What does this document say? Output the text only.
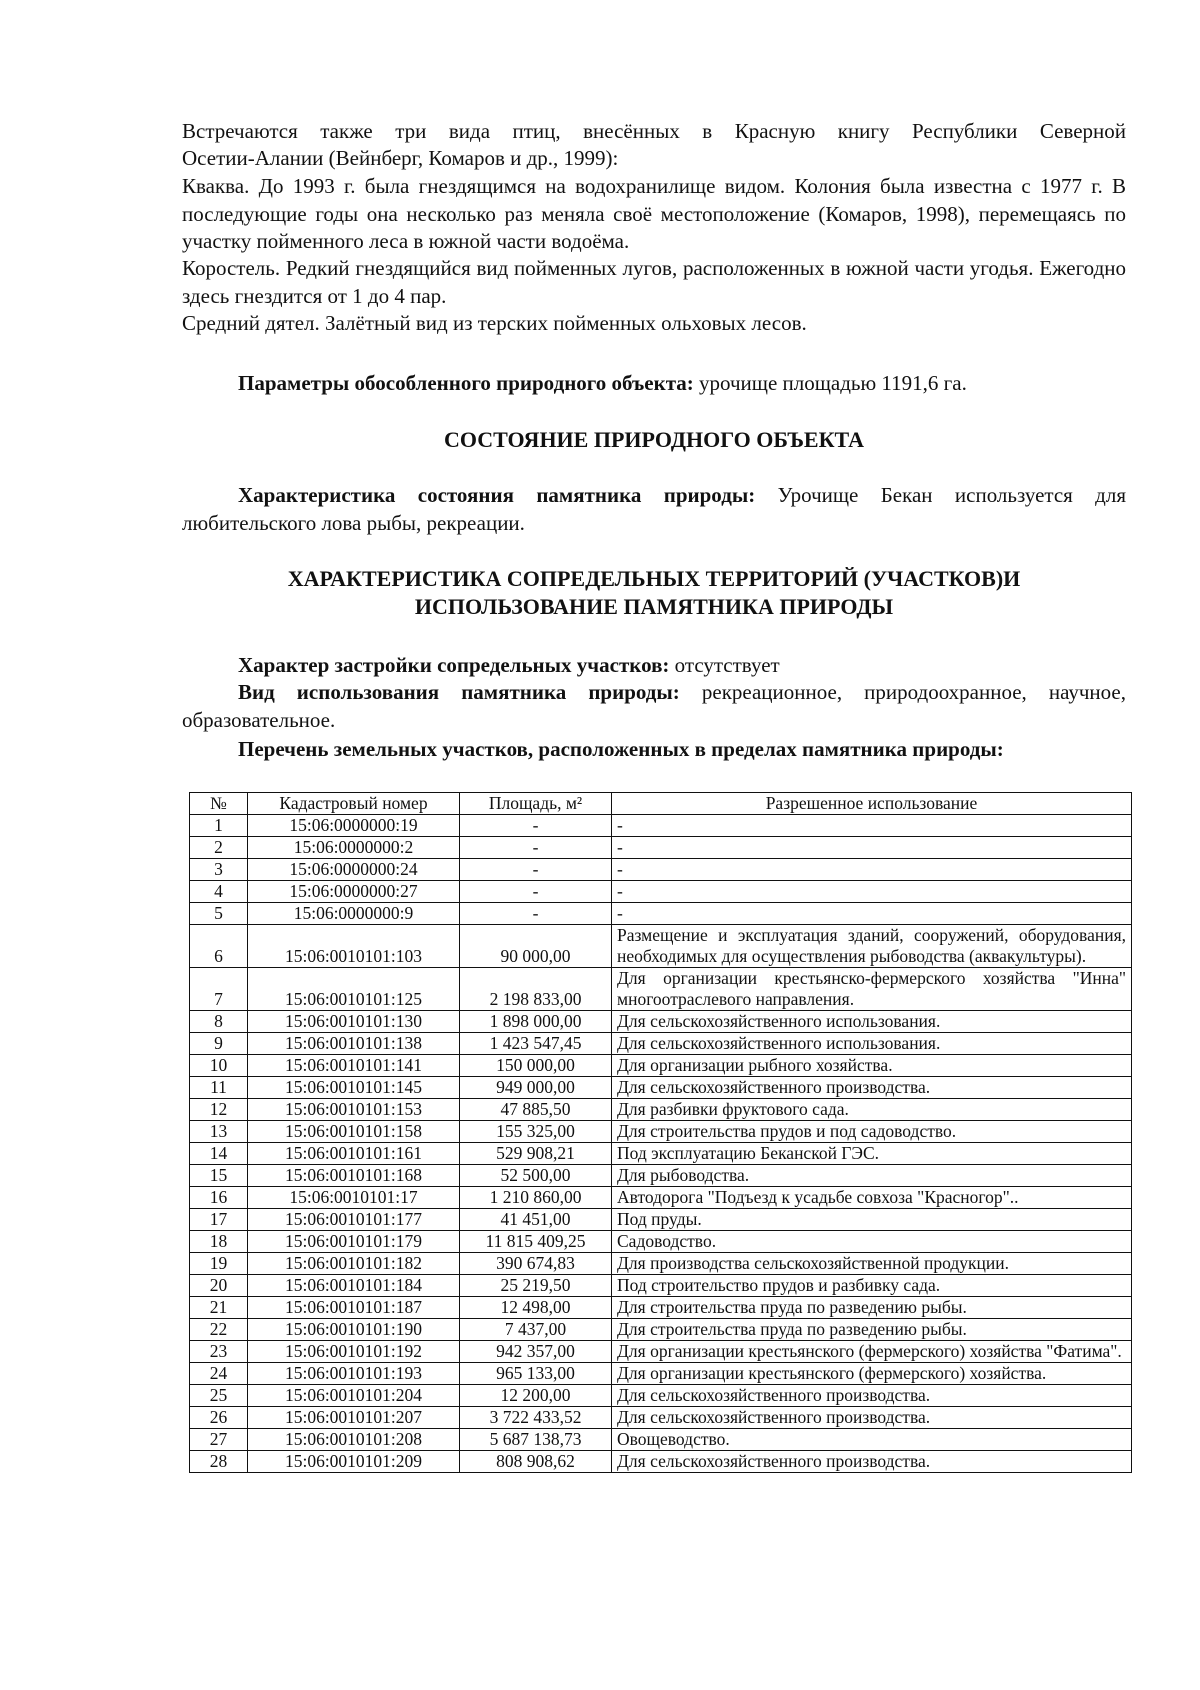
Встречаются также три вида птиц, внесённых в Красную книгу Республики Северной

Осетии-Алании (Вейнберг, Комаров и др., 1999):

Кваква. До 1993 г. была гнездящимся на водохранилище видом. Колония была известна с 1977 г. В последующие годы она несколько раз меняла своё местоположение (Комаров, 1998), перемещаясь по участку пойменного леса в южной части водоёма.

Коростель. Редкий гнездящийся вид пойменных лугов, расположенных в южной части угодья. Ежегодно здесь гнездится от 1 до 4 пар.

Средний дятел. Залётный вид из терских пойменных ольховых лесов.

Параметры обособленного природного объекта: урочище площадью 1191,6 га.

СОСТОЯНИЕ ПРИРОДНОГО ОБЪЕКТА

Характеристика состояния памятника природы: Урочище Бекан используется для любительского лова рыбы, рекреации.

ХАРАКТЕРИСТИКА СОПРЕДЕЛЬНЫХ ТЕРРИТОРИЙ (УЧАСТКОВ)И
ИСПОЛЬЗОВАНИЕ ПАМЯТНИКА ПРИРОДЫ

Характер застройки сопредельных участков: отсутствует

Вид использования памятника природы: рекреационное, природоохранное, научное, образовательное.

Перечень земельных участков, расположенных в пределах памятника природы:

№	Кадастровый номер	Площадь, м²	Разрешенное использование
1	15:06:0000000:19	-	-
2	15:06:0000000:2	-	-
3	15:06:0000000:24	-	-
4	15:06:0000000:27	-	-
5	15:06:0000000:9	-	-
6	15:06:0010101:103	90 000,00	Размещение и эксплуатация зданий, сооружений, оборудования, необходимых для осуществления рыбоводства (аквакультуры).
7	15:06:0010101:125	2 198 833,00	Для организации крестьянско-фермерского хозяйства "Инна" многоотраслевого направления.
8	15:06:0010101:130	1 898 000,00	Для сельскохозяйственного использования.
9	15:06:0010101:138	1 423 547,45	Для сельскохозяйственного использования.
10	15:06:0010101:141	150 000,00	Для организации рыбного хозяйства.
11	15:06:0010101:145	949 000,00	Для сельскохозяйственного производства.
12	15:06:0010101:153	47 885,50	Для разбивки фруктового сада.
13	15:06:0010101:158	155 325,00	Для строительства прудов и под садоводство.
14	15:06:0010101:161	529 908,21	Под эксплуатацию Беканской ГЭС.
15	15:06:0010101:168	52 500,00	Для рыбоводства.
16	15:06:0010101:17	1 210 860,00	Автодорога "Подъезд к усадьбе совхоза "Красногор"..
17	15:06:0010101:177	41 451,00	Под пруды.
18	15:06:0010101:179	11 815 409,25	Садоводство.
19	15:06:0010101:182	390 674,83	Для производства сельскохозяйственной продукции.
20	15:06:0010101:184	25 219,50	Под строительство прудов и разбивку сада.
21	15:06:0010101:187	12 498,00	Для строительства пруда по разведению рыбы.
22	15:06:0010101:190	7 437,00	Для строительства пруда по разведению рыбы.
23	15:06:0010101:192	942 357,00	Для организации крестьянского (фермерского) хозяйства "Фатима".
24	15:06:0010101:193	965 133,00	Для организации крестьянского (фермерского) хозяйства.
25	15:06:0010101:204	12 200,00	Для сельскохозяйственного производства.
26	15:06:0010101:207	3 722 433,52	Для сельскохозяйственного производства.
27	15:06:0010101:208	5 687 138,73	Овощеводство.
28	15:06:0010101:209	808 908,62	Для сельскохозяйственного производства.
